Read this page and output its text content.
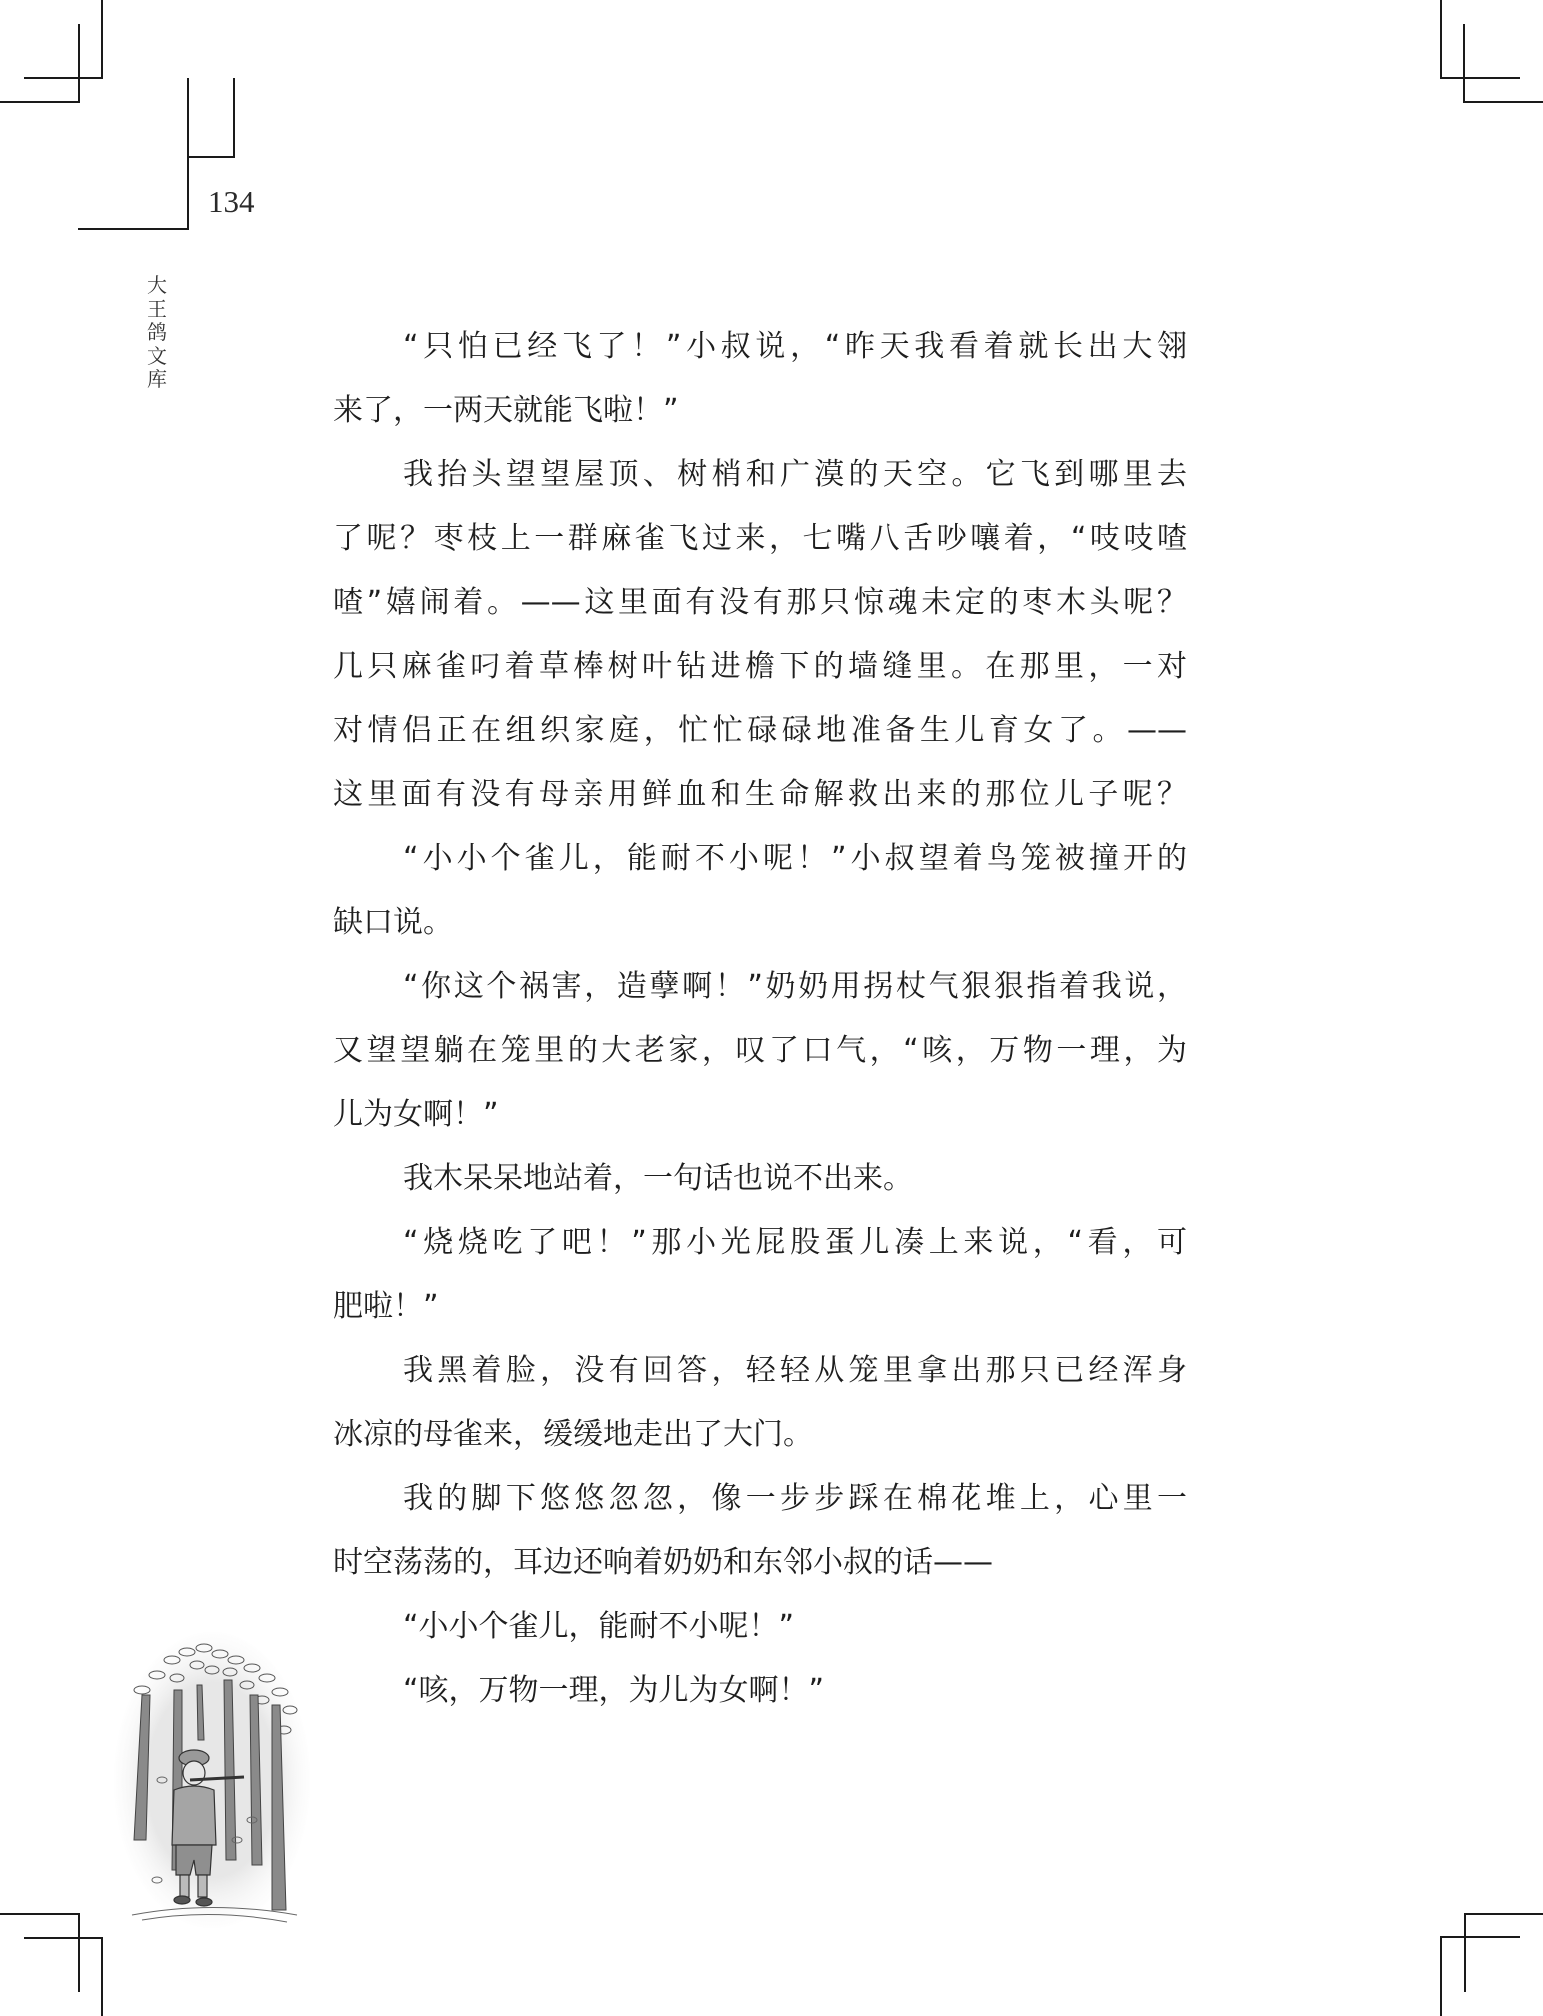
134
大
王
鸽
文
库
“只怕已经飞了！”小叔说，“昨天我看着就长出大翎
来了，一两天就能飞啦！”
我抬头望望屋顶、树梢和广漠的天空。它飞到哪里去
了呢？枣枝上一群麻雀飞过来，七嘴八舌吵嚷着，“吱吱喳
喳”嬉闹着。——这里面有没有那只惊魂未定的枣木头呢？
几只麻雀叼着草棒树叶钻进檐下的墙缝里。在那里，一对
对情侣正在组织家庭，忙忙碌碌地准备生儿育女了。——
这里面有没有母亲用鲜血和生命解救出来的那位儿子呢？
“小小个雀儿，能耐不小呢！”小叔望着鸟笼被撞开的
缺口说。
“你这个祸害，造孽啊！”奶奶用拐杖气狠狠指着我说，
又望望躺在笼里的大老家，叹了口气，“咳，万物一理，为
儿为女啊！”
我木呆呆地站着，一句话也说不出来。
“烧烧吃了吧！”那小光屁股蛋儿凑上来说，“看，可
肥啦！”
我黑着脸，没有回答，轻轻从笼里拿出那只已经浑身
冰凉的母雀来，缓缓地走出了大门。
我的脚下悠悠忽忽，像一步步踩在棉花堆上，心里一
时空荡荡的，耳边还响着奶奶和东邻小叔的话——
“小小个雀儿，能耐不小呢！”
“咳，万物一理，为儿为女啊！”
